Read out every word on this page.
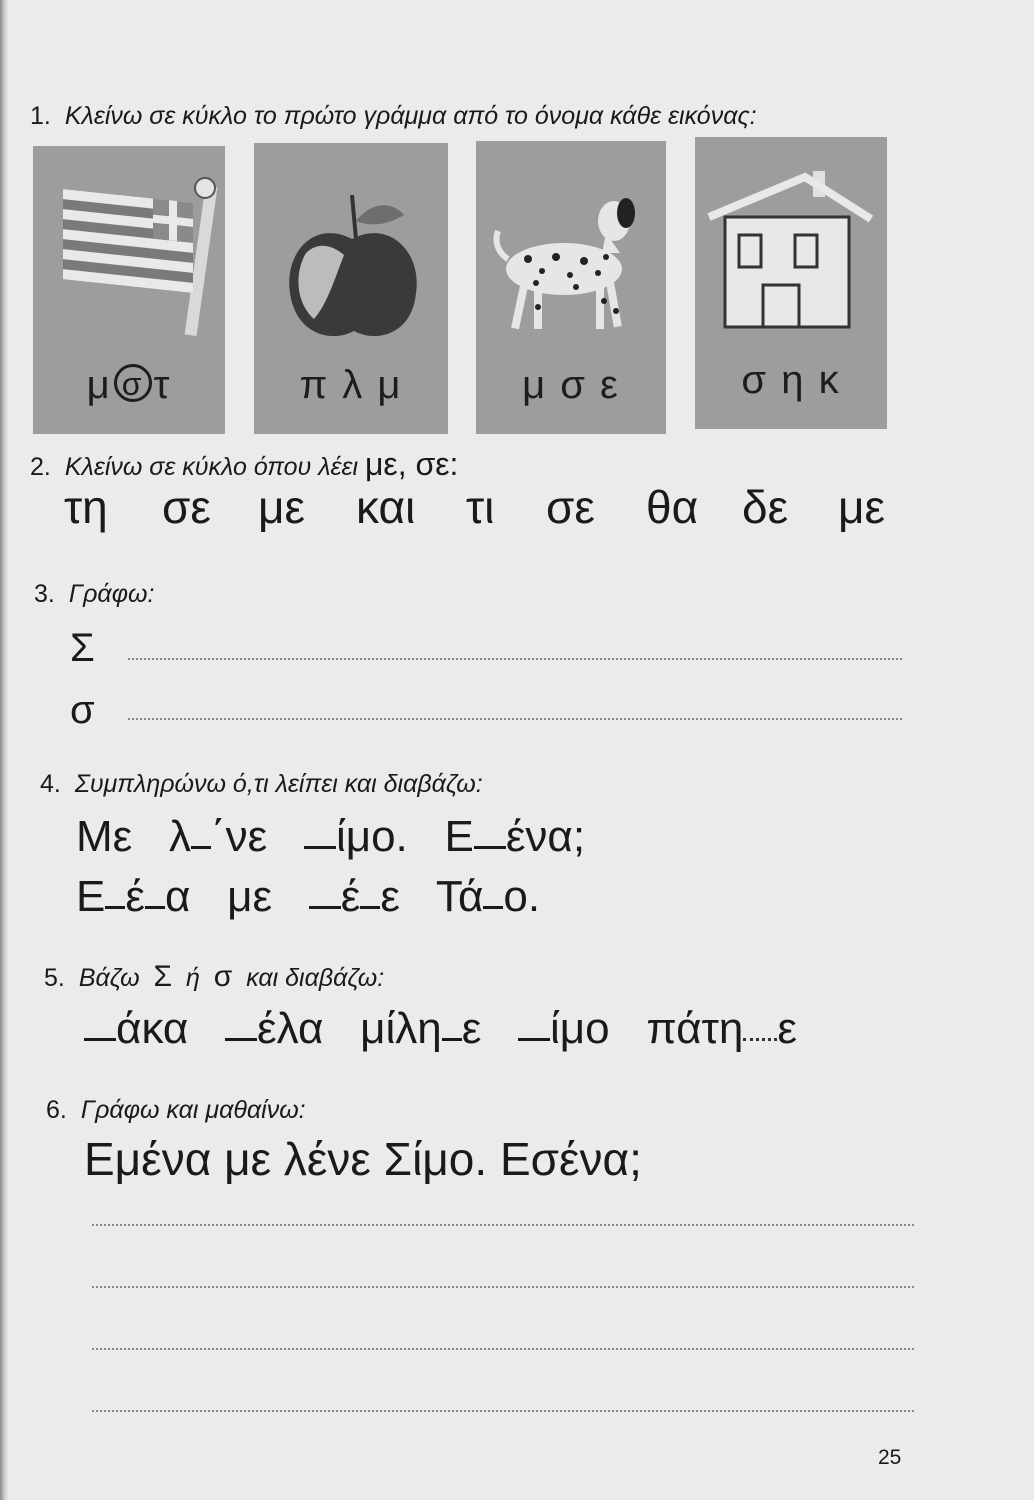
1. Κλείνω σε κύκλο το πρώτο γράμμα από το όνομα κάθε εικόνας:
μ σ τ	π λ μ	μ σ ε	σ η κ
2. Κλείνω σε κύκλο όπου λέει με, σε:
τη σε με και τι σε θα δε με
3. Γράφω:
Σ
σ
4. Συμπληρώνω ό,τι λείπει και διαβάζω:
Με λ ΄νε ίμο. Ε ένα;
Ε έ α με έ ε Τά ο.
5. Βάζω Σ ή σ και διαβάζω:
άκα έλα μίλη ε ίμο πάτη ε
6. Γράφω και μαθαίνω:
Εμένα με λένε Σίμο. Εσένα;
25
